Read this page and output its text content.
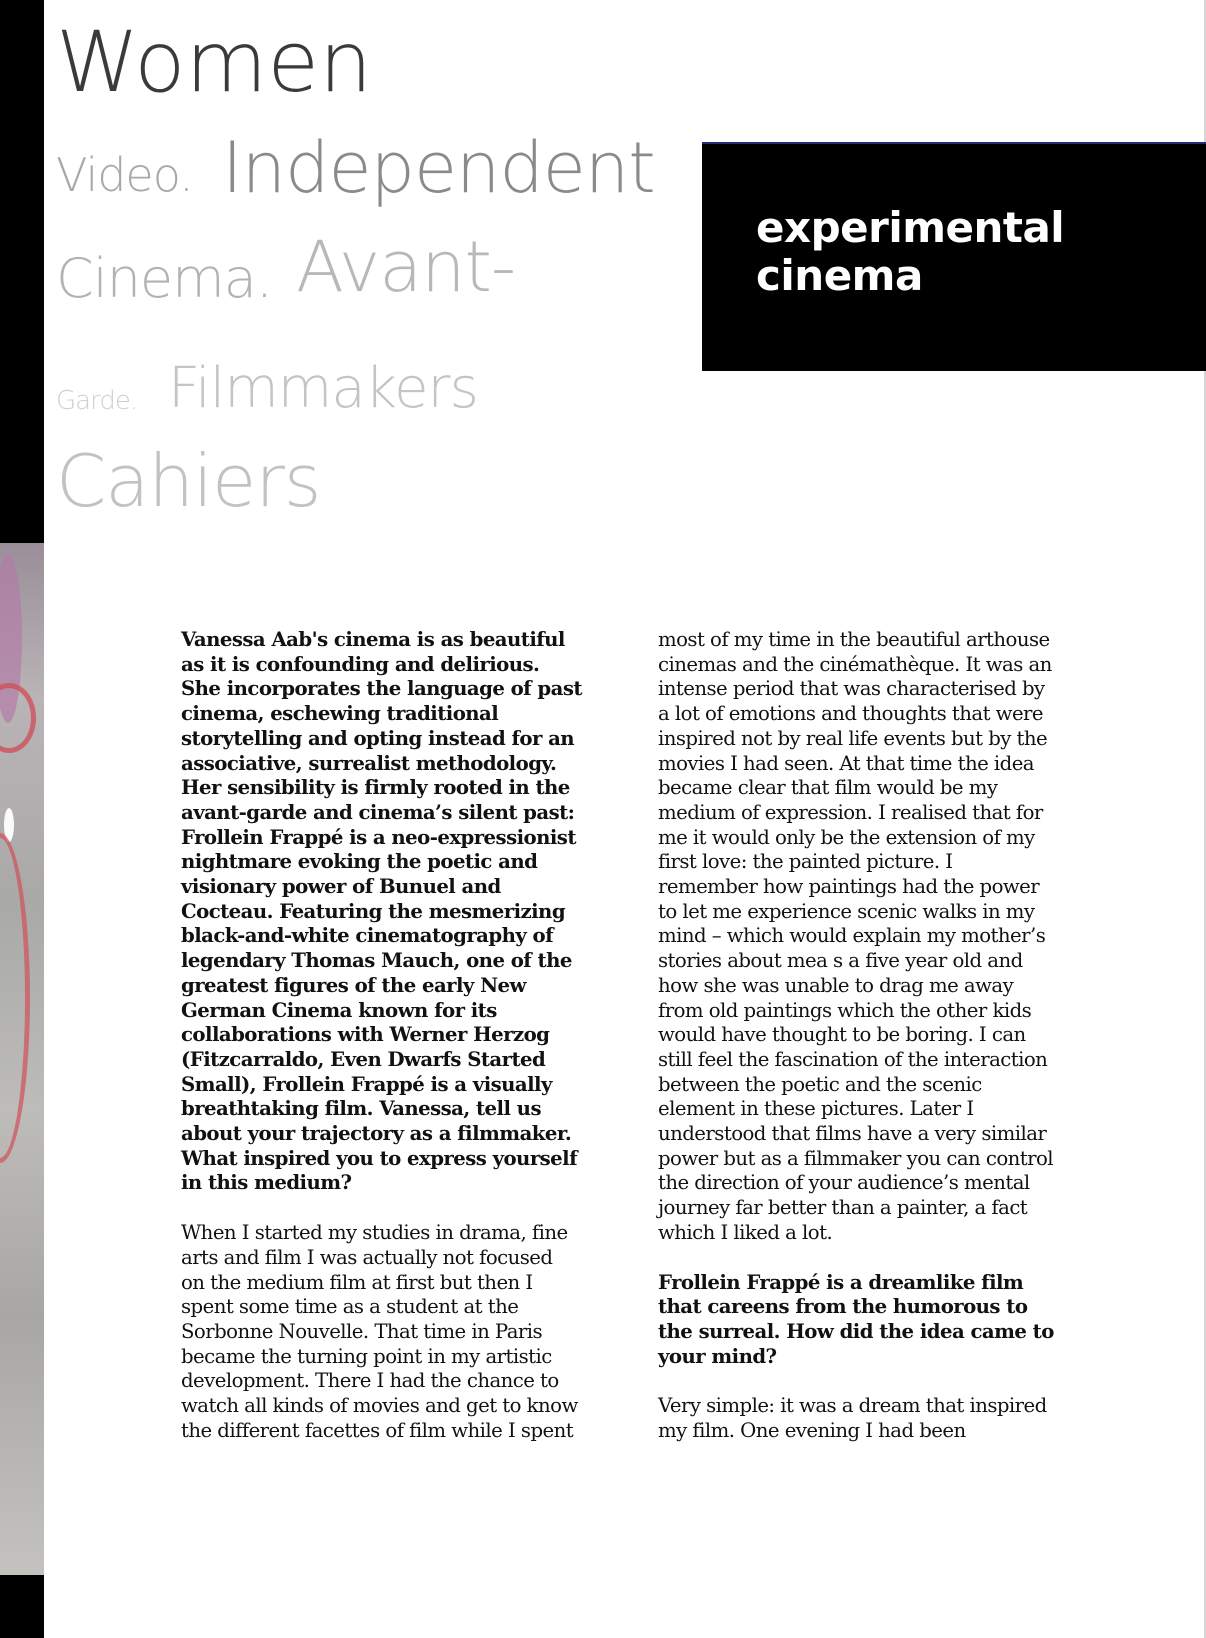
Women
Video. Independent
Cinema. Avant-
Garde. Filmmakers
Cahiers
experimental
cinema
Vanessa Aab's cinema is as beautiful
as it is confounding and delirious.
She incorporates the language of past
cinema, eschewing traditional
storytelling and opting instead for an
associative, surrealist methodology.
Her sensibility is firmly rooted in the
avant-garde and cinema’s silent past:
Frollein Frappé is a neo-expressionist
nightmare evoking the poetic and
visionary power of Bunuel and
Cocteau. Featuring the mesmerizing
black-and-white cinematography of
legendary Thomas Mauch, one of the
greatest figures of the early New
German Cinema known for its
collaborations with Werner Herzog
(Fitzcarraldo, Even Dwarfs Started
Small), Frollein Frappé is a visually
breathtaking film. Vanessa, tell us
about your trajectory as a filmmaker.
What inspired you to express yourself
in this medium?
When I started my studies in drama, fine
arts and film I was actually not focused
on the medium film at first but then I
spent some time as a student at the
Sorbonne Nouvelle. That time in Paris
became the turning point in my artistic
development. There I had the chance to
watch all kinds of movies and get to know
the different facettes of film while I spent
most of my time in the beautiful arthouse
cinemas and the cinémathèque. It was an
intense period that was characterised by
a lot of emotions and thoughts that were
inspired not by real life events but by the
movies I had seen. At that time the idea
became clear that film would be my
medium of expression. I realised that for
me it would only be the extension of my
first love: the painted picture. I
remember how paintings had the power
to let me experience scenic walks in my
mind – which would explain my mother’s
stories about mea s a five year old and
how she was unable to drag me away
from old paintings which the other kids
would have thought to be boring. I can
still feel the fascination of the interaction
between the poetic and the scenic
element in these pictures. Later I
understood that films have a very similar
power but as a filmmaker you can control
the direction of your audience’s mental
journey far better than a painter, a fact
which I liked a lot.
Frollein Frappé is a dreamlike film
that careens from the humorous to
the surreal. How did the idea came to
your mind?
Very simple: it was a dream that inspired
my film. One evening I had been
